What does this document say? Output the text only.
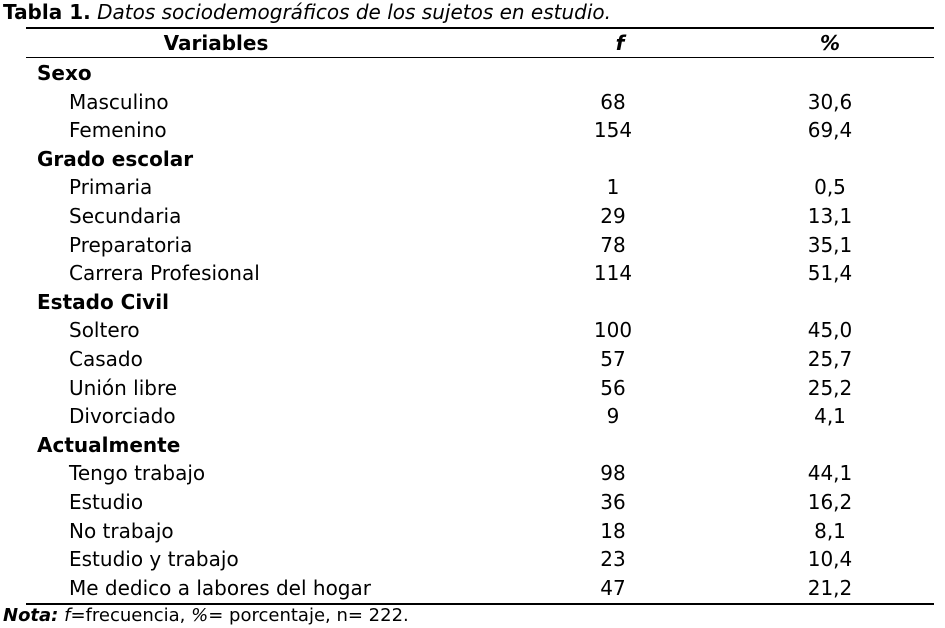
Tabla 1. Datos sociodemográficos de los sujetos en estudio.
Variables	f	%
Sexo
Masculino	68	30,6
Femenino	154	69,4
Grado escolar
Primaria	1	0,5
Secundaria	29	13,1
Preparatoria	78	35,1
Carrera Profesional	114	51,4
Estado Civil
Soltero	100	45,0
Casado	57	25,7
Unión libre	56	25,2
Divorciado	9	4,1
Actualmente
Tengo trabajo	98	44,1
Estudio	36	16,2
No trabajo	18	8,1
Estudio y trabajo	23	10,4
Me dedico a labores del hogar	47	21,2
Nota: f=frecuencia, %= porcentaje, n= 222.
